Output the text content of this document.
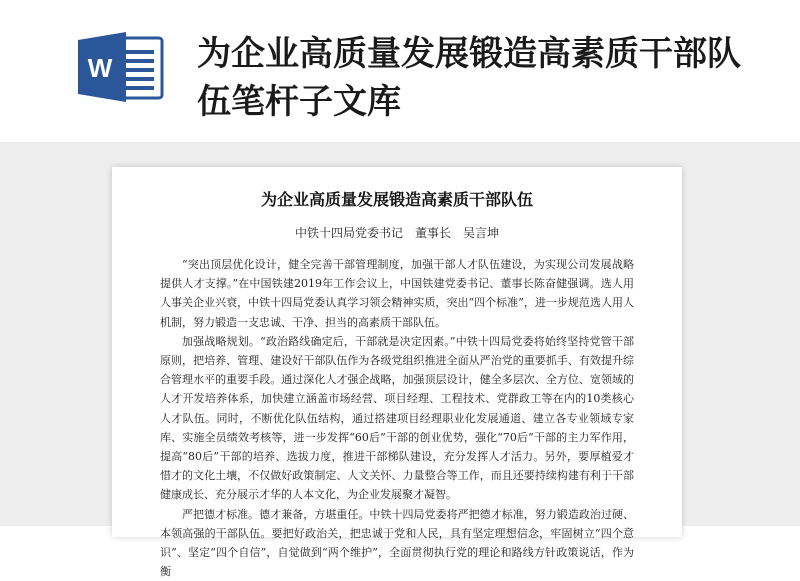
W 为企业高质量发展锻造高素质干部队伍笔杆子文库
为企业高质量发展锻造高素质干部队伍
中铁十四局党委书记　董事长　吴言坤

“突出顶层优化设计，健全完善干部管理制度，加强干部人才队伍建设，为实现公司发展战略提供人才支撑。”在中国铁建2019年工作会议上，中国铁建党委书记、董事长陈奋健强调。选人用人事关企业兴衰，中铁十四局党委认真学习领会精神实质，突出“四个标准”，进一步规范选人用人机制，努力锻造一支忠诚、干净、担当的高素质干部队伍。

加强战略规划。“政治路线确定后，干部就是决定因素。”中铁十四局党委将始终坚持党管干部原则，把培养、管理、建设好干部队伍作为各级党组织推进全面从严治党的重要抓手、有效提升综合管理水平的重要手段。通过深化人才强企战略，加强顶层设计，健全多层次、全方位、宽领域的人才开发培养体系，加快建立涵盖市场经营、项目经理、工程技术、党群政工等在内的10类核心人才队伍。同时，不断优化队伍结构，通过搭建项目经理职业化发展通道、建立各专业领域专家库、实施全员绩效考核等，进一步发挥“60后”干部的创业优势，强化“70后”干部的主力军作用，提高“80后”干部的培养、选拔力度，推进干部梯队建设，充分发挥人才活力。另外，要厚植爱才惜才的文化土壤，不仅做好政策制定、人文关怀、力量整合等工作，而且还要持续构建有利于干部健康成长、充分展示才华的人本文化，为企业发展聚才凝智。

严把德才标准。德才兼备，方堪重任。中铁十四局党委将严把德才标准，努力锻造政治过硬、本领高强的干部队伍。要把好政治关，把忠诚于党和人民，具有坚定理想信念，牢固树立“四个意识”、坚定“四个自信”，自觉做到“两个维护”，全面贯彻执行党的理论和路线方针政策说话，作为衡
